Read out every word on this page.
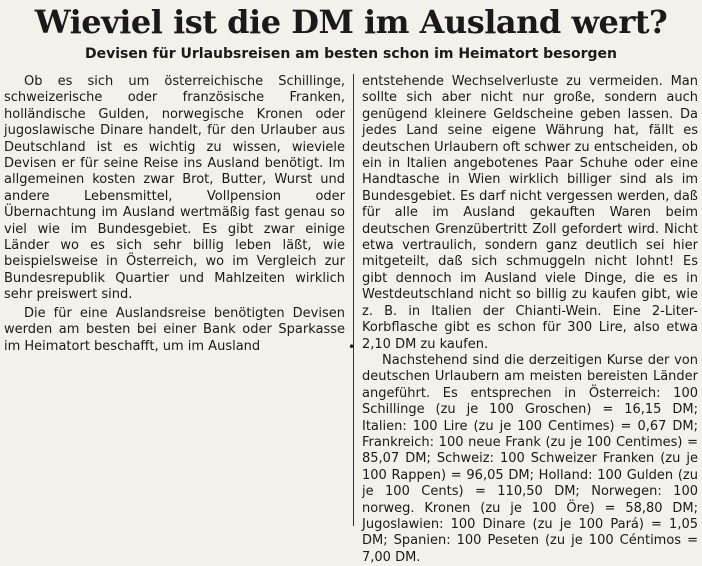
Wieviel ist die DM im Ausland wert?
Devisen für Urlaubsreisen am besten schon im Heimatort besorgen

Ob es sich um österreichische Schillinge, schweizerische oder französische Franken, holländische Gulden, norwegische Kronen oder jugoslawische Dinare handelt, für den Urlauber aus Deutschland ist es wichtig zu wissen, wieviele Devisen er für seine Reise ins Ausland benötigt. Im allgemeinen kosten zwar Brot, Butter, Wurst und andere Lebensmittel, Vollpension oder Übernachtung im Ausland wertmäßig fast genau so viel wie im Bundesgebiet. Es gibt zwar einige Länder wo es sich sehr billig leben läßt, wie beispielsweise in Österreich, wo im Vergleich zur Bundesrepublik Quartier und Mahlzeiten wirklich sehr preiswert sind.

Die für eine Auslandsreise benötigten Devisen werden am besten bei einer Bank oder Sparkasse im Heimatort beschafft, um im Ausland	•

entstehende Wechselverluste zu vermeiden. Man sollte sich aber nicht nur große, sondern auch genügend kleinere Geldscheine geben lassen. Da jedes Land seine eigene Währung hat, fällt es deutschen Urlaubern oft schwer zu entscheiden, ob ein in Italien angebotenes Paar Schuhe oder eine Handtasche in Wien wirklich billiger sind als im Bundesgebiet. Es darf nicht vergessen werden, daß für alle im Ausland gekauften Waren beim deutschen Grenzübertritt Zoll gefordert wird. Nicht etwa vertraulich, sondern ganz deutlich sei hier mitgeteilt, daß sich schmuggeln nicht lohnt! Es gibt dennoch im Ausland viele Dinge, die es in Westdeutschland nicht so billig zu kaufen gibt, wie z. B. in Italien der Chianti-Wein. Eine 2-Liter-Korbflasche gibt es schon für 300 Lire, also etwa 2,10 DM zu kaufen.

Nachstehend sind die derzeitigen Kurse der von deutschen Urlaubern am meisten bereisten Länder angeführt. Es entsprechen in Österreich: 100 Schillinge (zu je 100 Groschen) = 16,15 DM; Italien: 100 Lire (zu je 100 Centimes) = 0,67 DM; Frankreich: 100 neue Frank (zu je 100 Centimes) = 85,07 DM; Schweiz: 100 Schweizer Franken (zu je 100 Rappen) = 96,05 DM; Holland: 100 Gulden (zu je 100 Cents) = 110,50 DM; Norwegen: 100 norweg. Kronen (zu je 100 Öre) = 58,80 DM; Jugoslawien: 100 Dinare (zu je 100 Pará) = 1,05 DM; Spanien: 100 Peseten (zu je 100 Céntimos = 7,00 DM.
